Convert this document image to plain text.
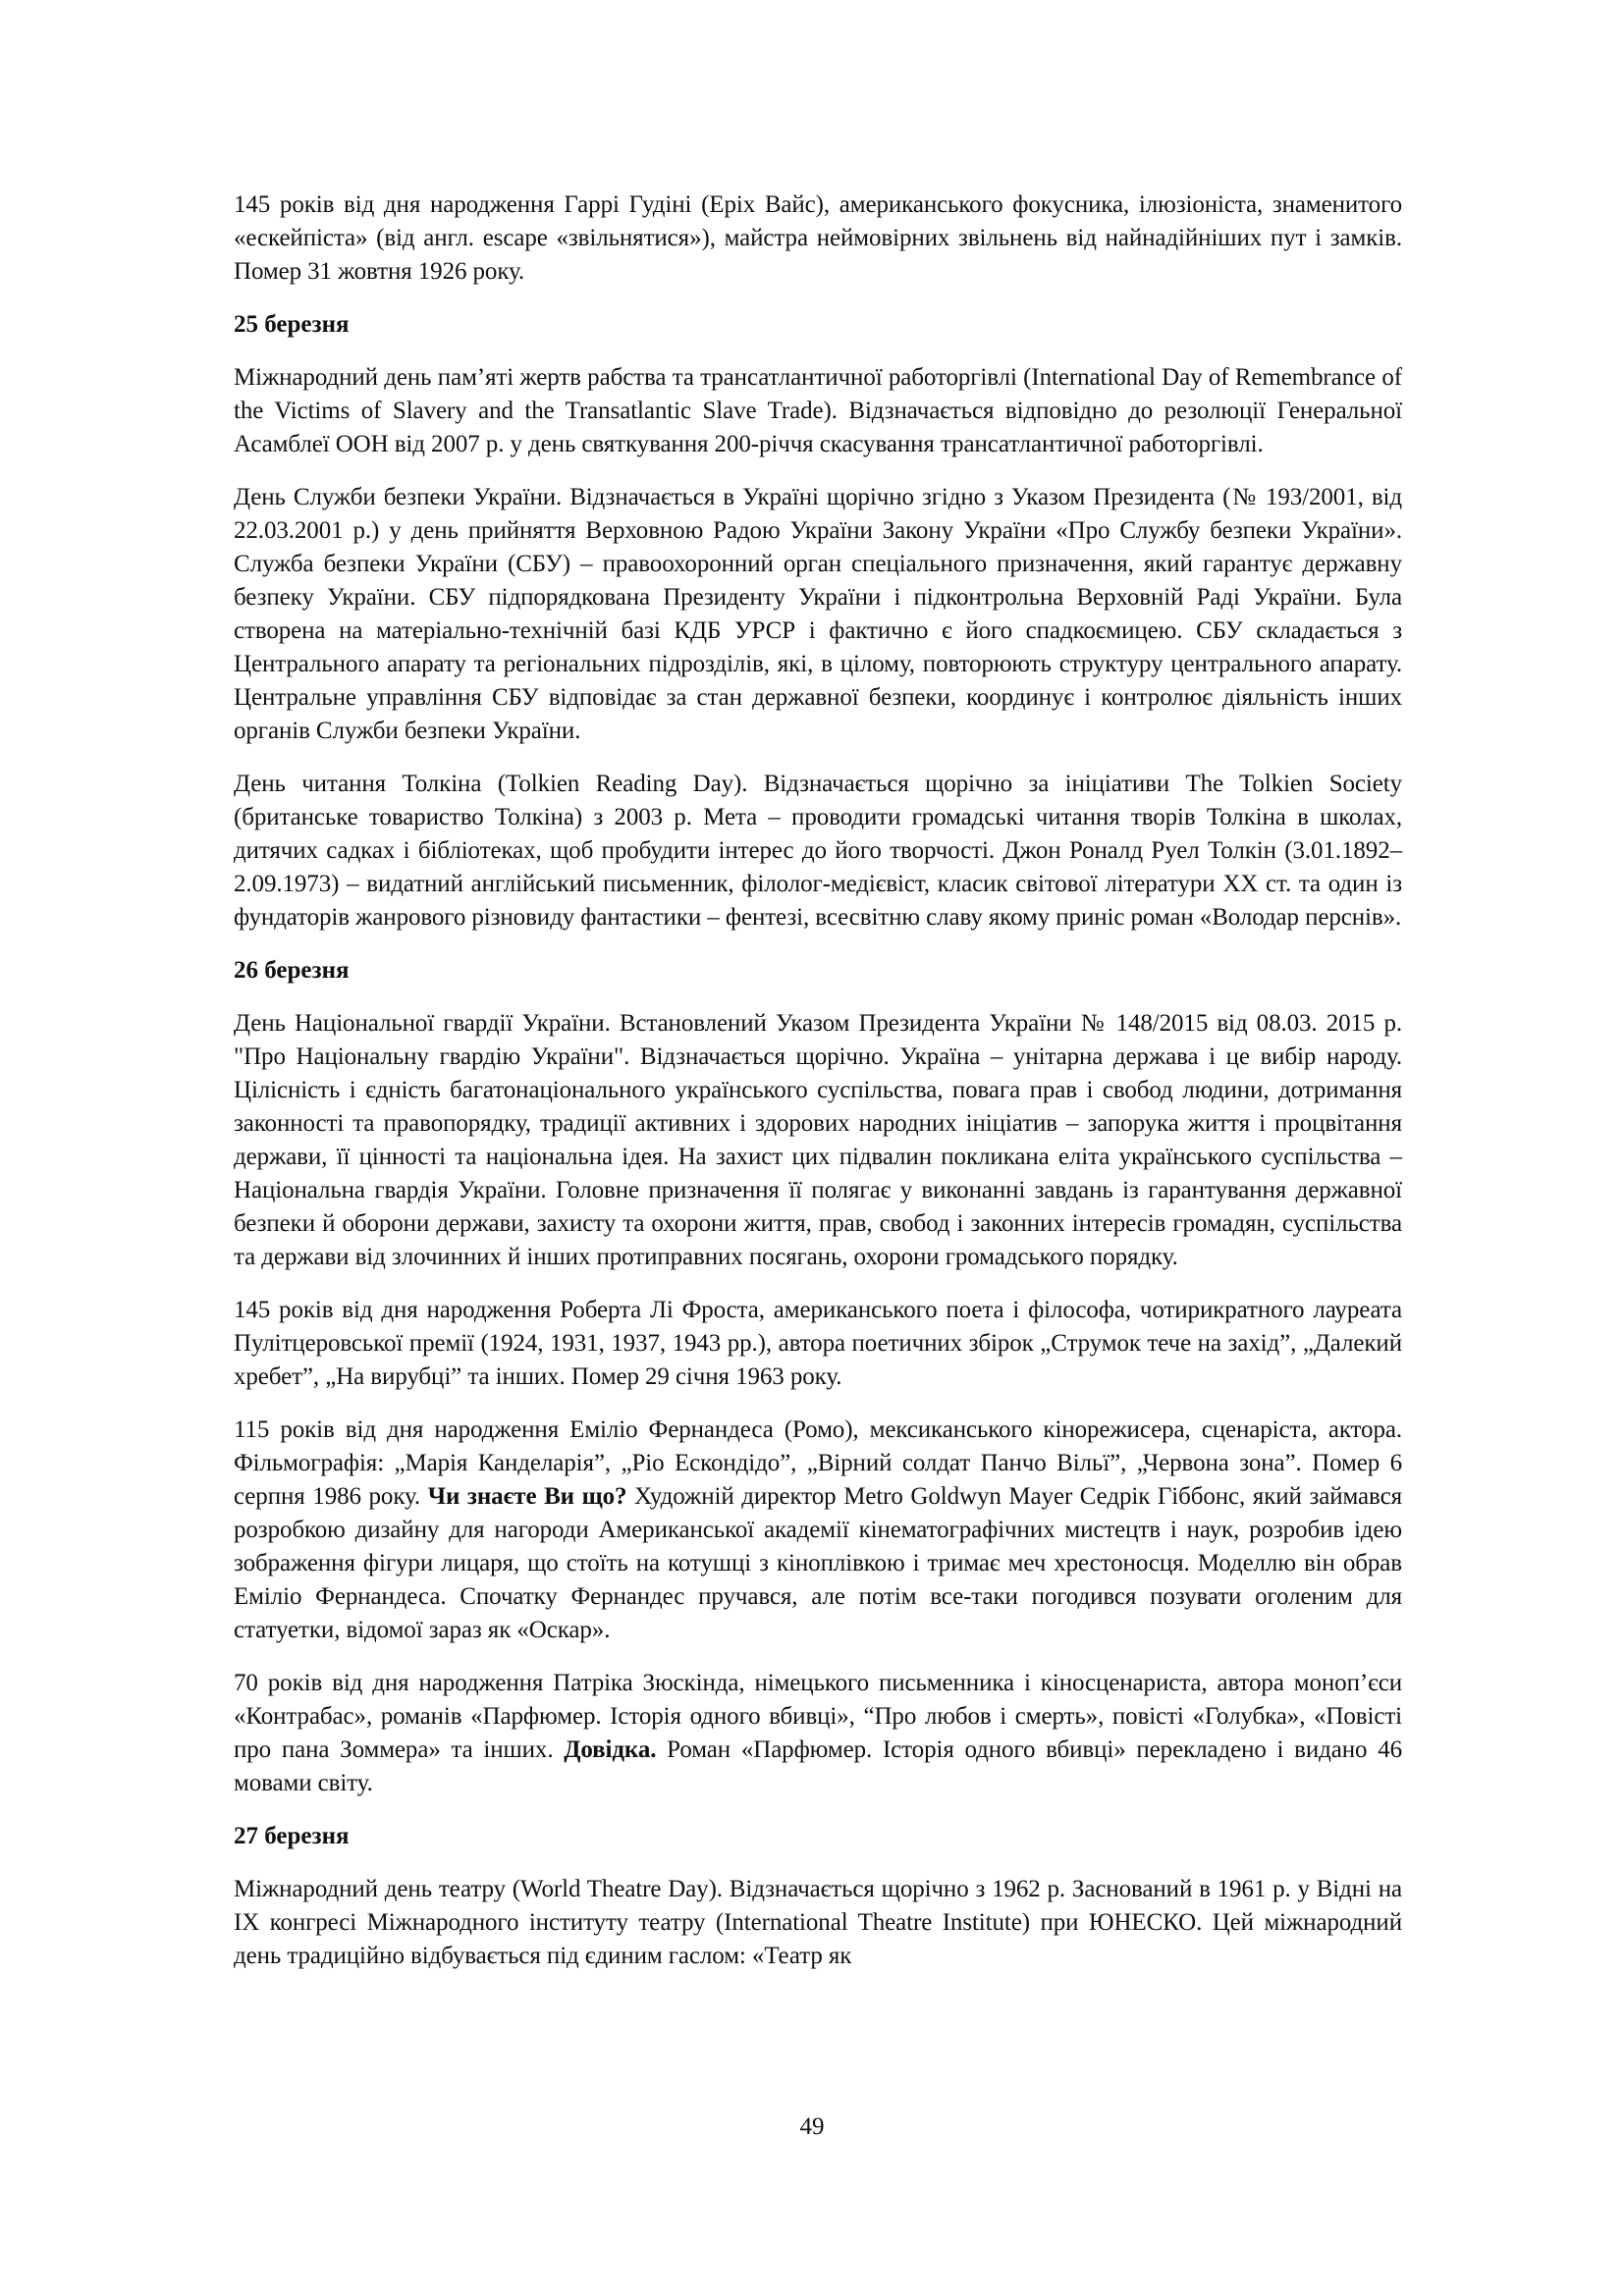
145 років від дня народження Гаррі Гудіні (Еріх Вайс), американського фокусника, ілюзіоніста, знаменитого «ескейпіста» (від англ. escape «звільнятися»), майстра неймовірних звільнень від найнадійніших пут і замків. Помер 31 жовтня 1926 року.

25 березня

Міжнародний день пам’яті жертв рабства та трансатлантичної работоргівлі (International Day of Remembrance of the Victims of Slavery and the Transatlantic Slave Trade). Відзначається відповідно до резолюції Генеральної Асамблеї ООН від 2007 р. у день святкування 200-річчя скасування трансатлантичної работоргівлі.

День Служби безпеки України. Відзначається в Україні щорічно згідно з Указом Президента (№ 193/2001, від 22.03.2001 р.) у день прийняття Верховною Радою України Закону України «Про Службу безпеки України». Служба безпеки України (СБУ) – правоохоронний орган спеціального призначення, який гарантує державну безпеку України. СБУ підпорядкована Президенту України і підконтрольна Верховній Раді України. Була створена на матеріально-технічній базі КДБ УРСР і фактично є його спадкоємицею. СБУ складається з Центрального апарату та регіональних підрозділів, які, в цілому, повторюють структуру центрального апарату. Центральне управління СБУ відповідає за стан державної безпеки, координує і контролює діяльність інших органів Служби безпеки України.

День читання Толкіна (Tolkien Reading Day). Відзначається щорічно за ініціативи The Tolkien Society (британське товариство Толкіна) з 2003 р. Мета – проводити громадські читання творів Толкіна в школах, дитячих садках і бібліотеках, щоб пробудити інтерес до його творчості. Джон Роналд Руел Толкін (3.01.1892–2.09.1973) – видатний англійський письменник, філолог-медієвіст, класик світової літератури ХХ ст. та один із фундаторів жанрового різновиду фантастики – фентезі, всесвітню славу якому приніс роман «Володар перснів».

26 березня

День Національної гвардії України. Встановлений Указом Президента України № 148/2015 від 08.03. 2015 р. "Про Національну гвардію України". Відзначається щорічно. Україна – унітарна держава і це вибір народу. Цілісність і єдність багатонаціонального українського суспільства, повага прав і свобод людини, дотримання законності та правопорядку, традиції активних і здорових народних ініціатив – запорука життя і процвітання держави, її цінності та національна ідея. На захист цих підвалин покликана еліта українського суспільства – Національна гвардія України. Головне призначення її полягає у виконанні завдань із гарантування державної безпеки й оборони держави, захисту та охорони життя, прав, свобод і законних інтересів громадян, суспільства та держави від злочинних й інших протиправних посягань, охорони громадського порядку.

145 років від дня народження Роберта Лі Фроста, американського поета і філософа, чотирикратного лауреата Пулітцеровської премії (1924, 1931, 1937, 1943 рр.), автора поетичних збірок „Струмок тече на захід”, „Далекий хребет”, „На вирубці” та інших. Помер 29 січня 1963 року.

115 років від дня народження Еміліо Фернандеса (Ромо), мексиканського кінорежисера, сценаріста, актора. Фільмографія: „Марія Канделарія”, „Ріо Ескондідо”, „Вірний солдат Панчо Вільї”, „Червона зона”. Помер 6 серпня 1986 року. Чи знаєте Ви що? Художній директор Metro Goldwyn Mayer Седрік Гіббонс, який займався розробкою дизайну для нагороди Американської академії кінематографічних мистецтв і наук, розробив ідею зображення фігури лицаря, що стоїть на котушці з кіноплівкою і тримає меч хрестоносця. Моделлю він обрав Еміліо Фернандеса. Спочатку Фернандес пручався, але потім все-таки погодився позувати оголеним для статуетки, відомої зараз як «Оскар».

70 років від дня народження Патріка Зюскінда, німецького письменника і кіносценариста, автора моноп’єси «Контрабас», романів «Парфюмер. Історія одного вбивці», “Про любов і смерть», повісті «Голубка», «Повісті про пана Зоммера» та інших. Довідка. Роман «Парфюмер. Історія одного вбивці» перекладено і видано 46 мовами світу.

27 березня

Міжнародний день театру (World Theatre Day). Відзначається щорічно з 1962 р. Заснований в 1961 р. у Відні на IX конгресі Міжнародного інституту театру (International Theatre Institute) при ЮНЕСКО. Цей міжнародний день традиційно відбувається під єдиним гаслом: «Театр як

49
